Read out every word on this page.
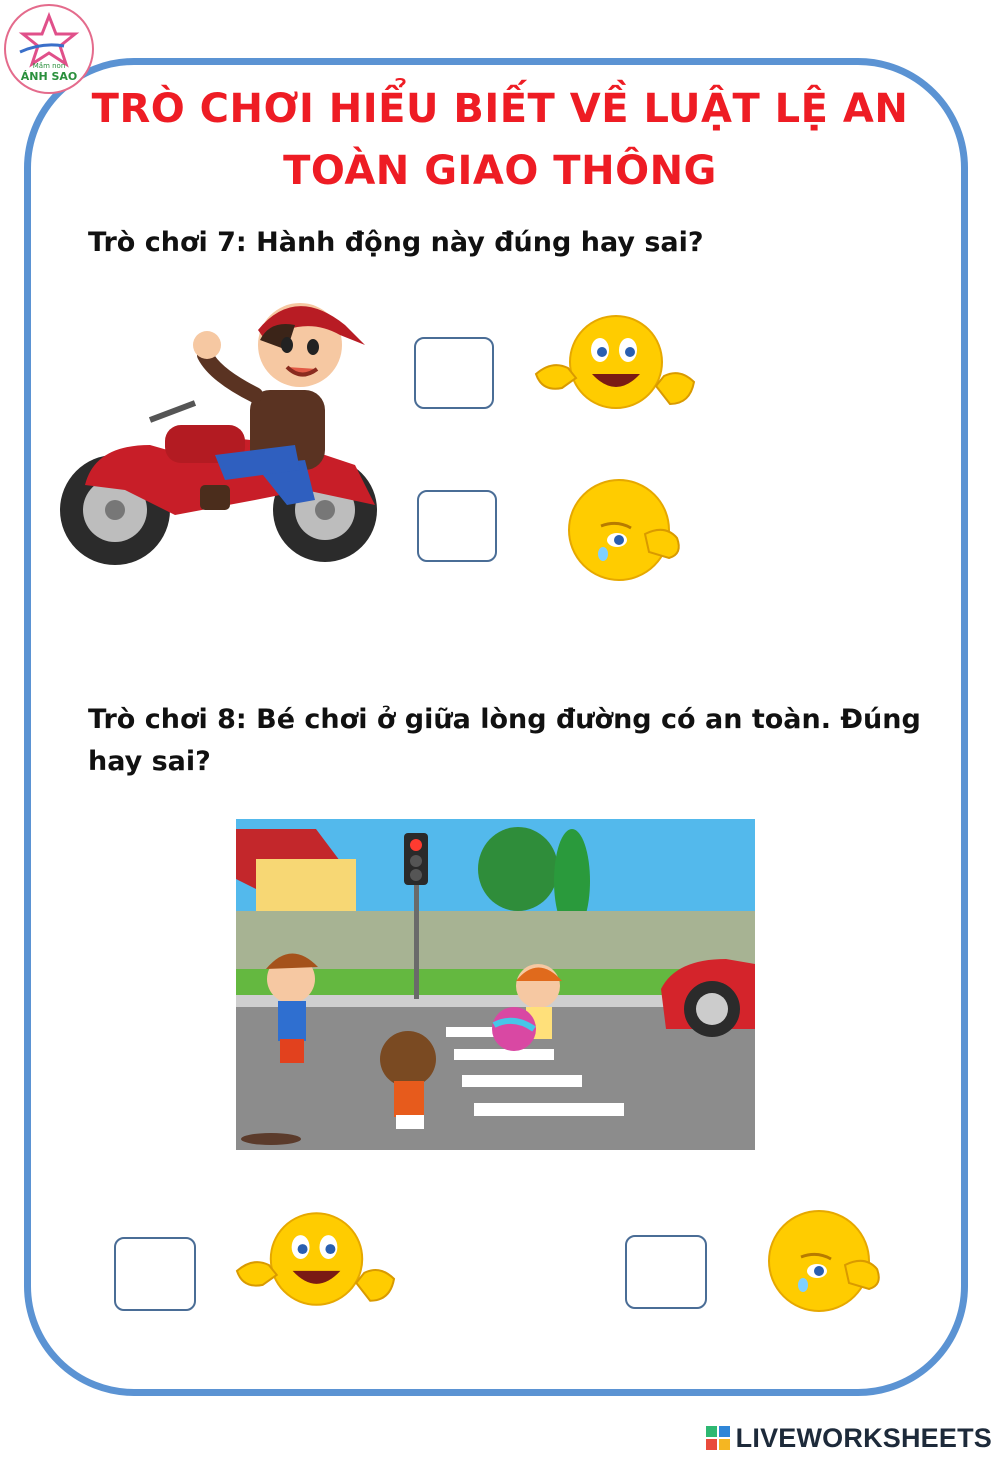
Mầm non
ÁNH SAO
TRÒ CHƠI HIỂU BIẾT VỀ LUẬT LỆ AN
TOÀN GIAO THÔNG
Trò chơi 7: Hành động này đúng hay sai?
Trò chơi 8: Bé chơi ở giữa lòng đường có an toàn. Đúng
hay sai?
LIVEWORKSHEETS
